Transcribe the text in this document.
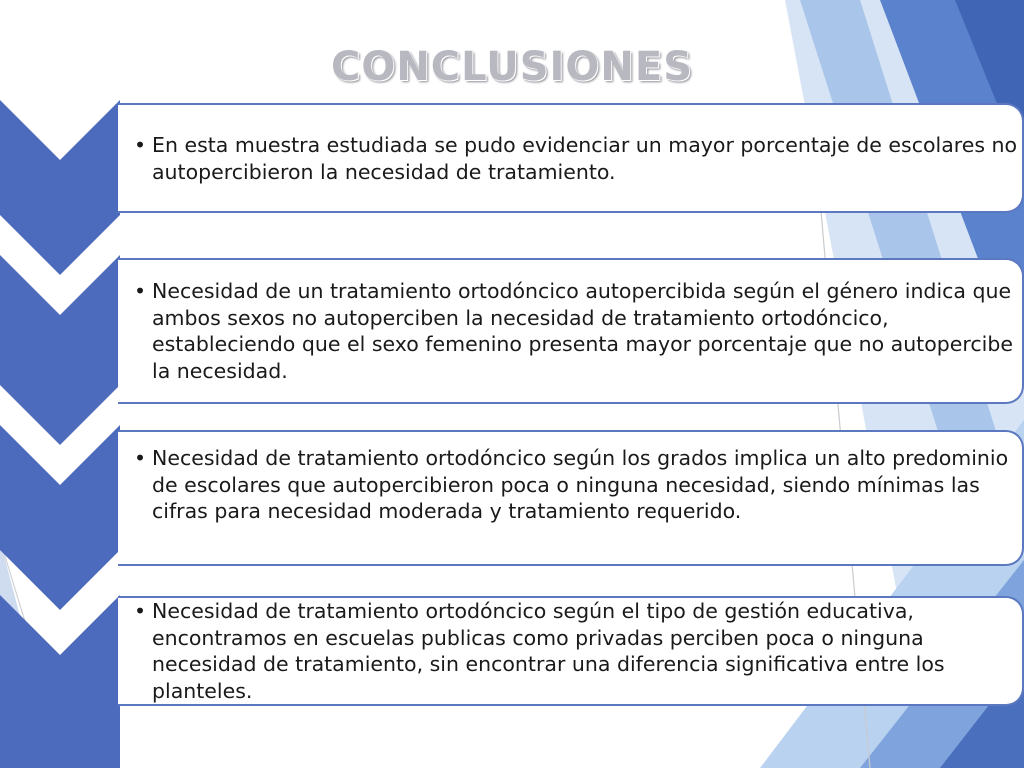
CONCLUSIONES
• En esta muestra estudiada se pudo evidenciar un mayor porcentaje de escolares no autopercibieron la necesidad de tratamiento.
• Necesidad de un tratamiento ortodóncico autopercibida según el género indica que ambos sexos no autoperciben la necesidad de tratamiento ortodóncico, estableciendo que el sexo femenino presenta mayor porcentaje que no autopercibe la necesidad.
• Necesidad de tratamiento ortodóncico según los grados implica un alto predominio de escolares que autopercibieron poca o ninguna necesidad, siendo mínimas las cifras para necesidad moderada y tratamiento requerido.
• Necesidad de tratamiento ortodóncico según el tipo de gestión educativa, encontramos en escuelas publicas como privadas perciben poca o ninguna necesidad de tratamiento, sin encontrar una diferencia significativa entre los planteles.
